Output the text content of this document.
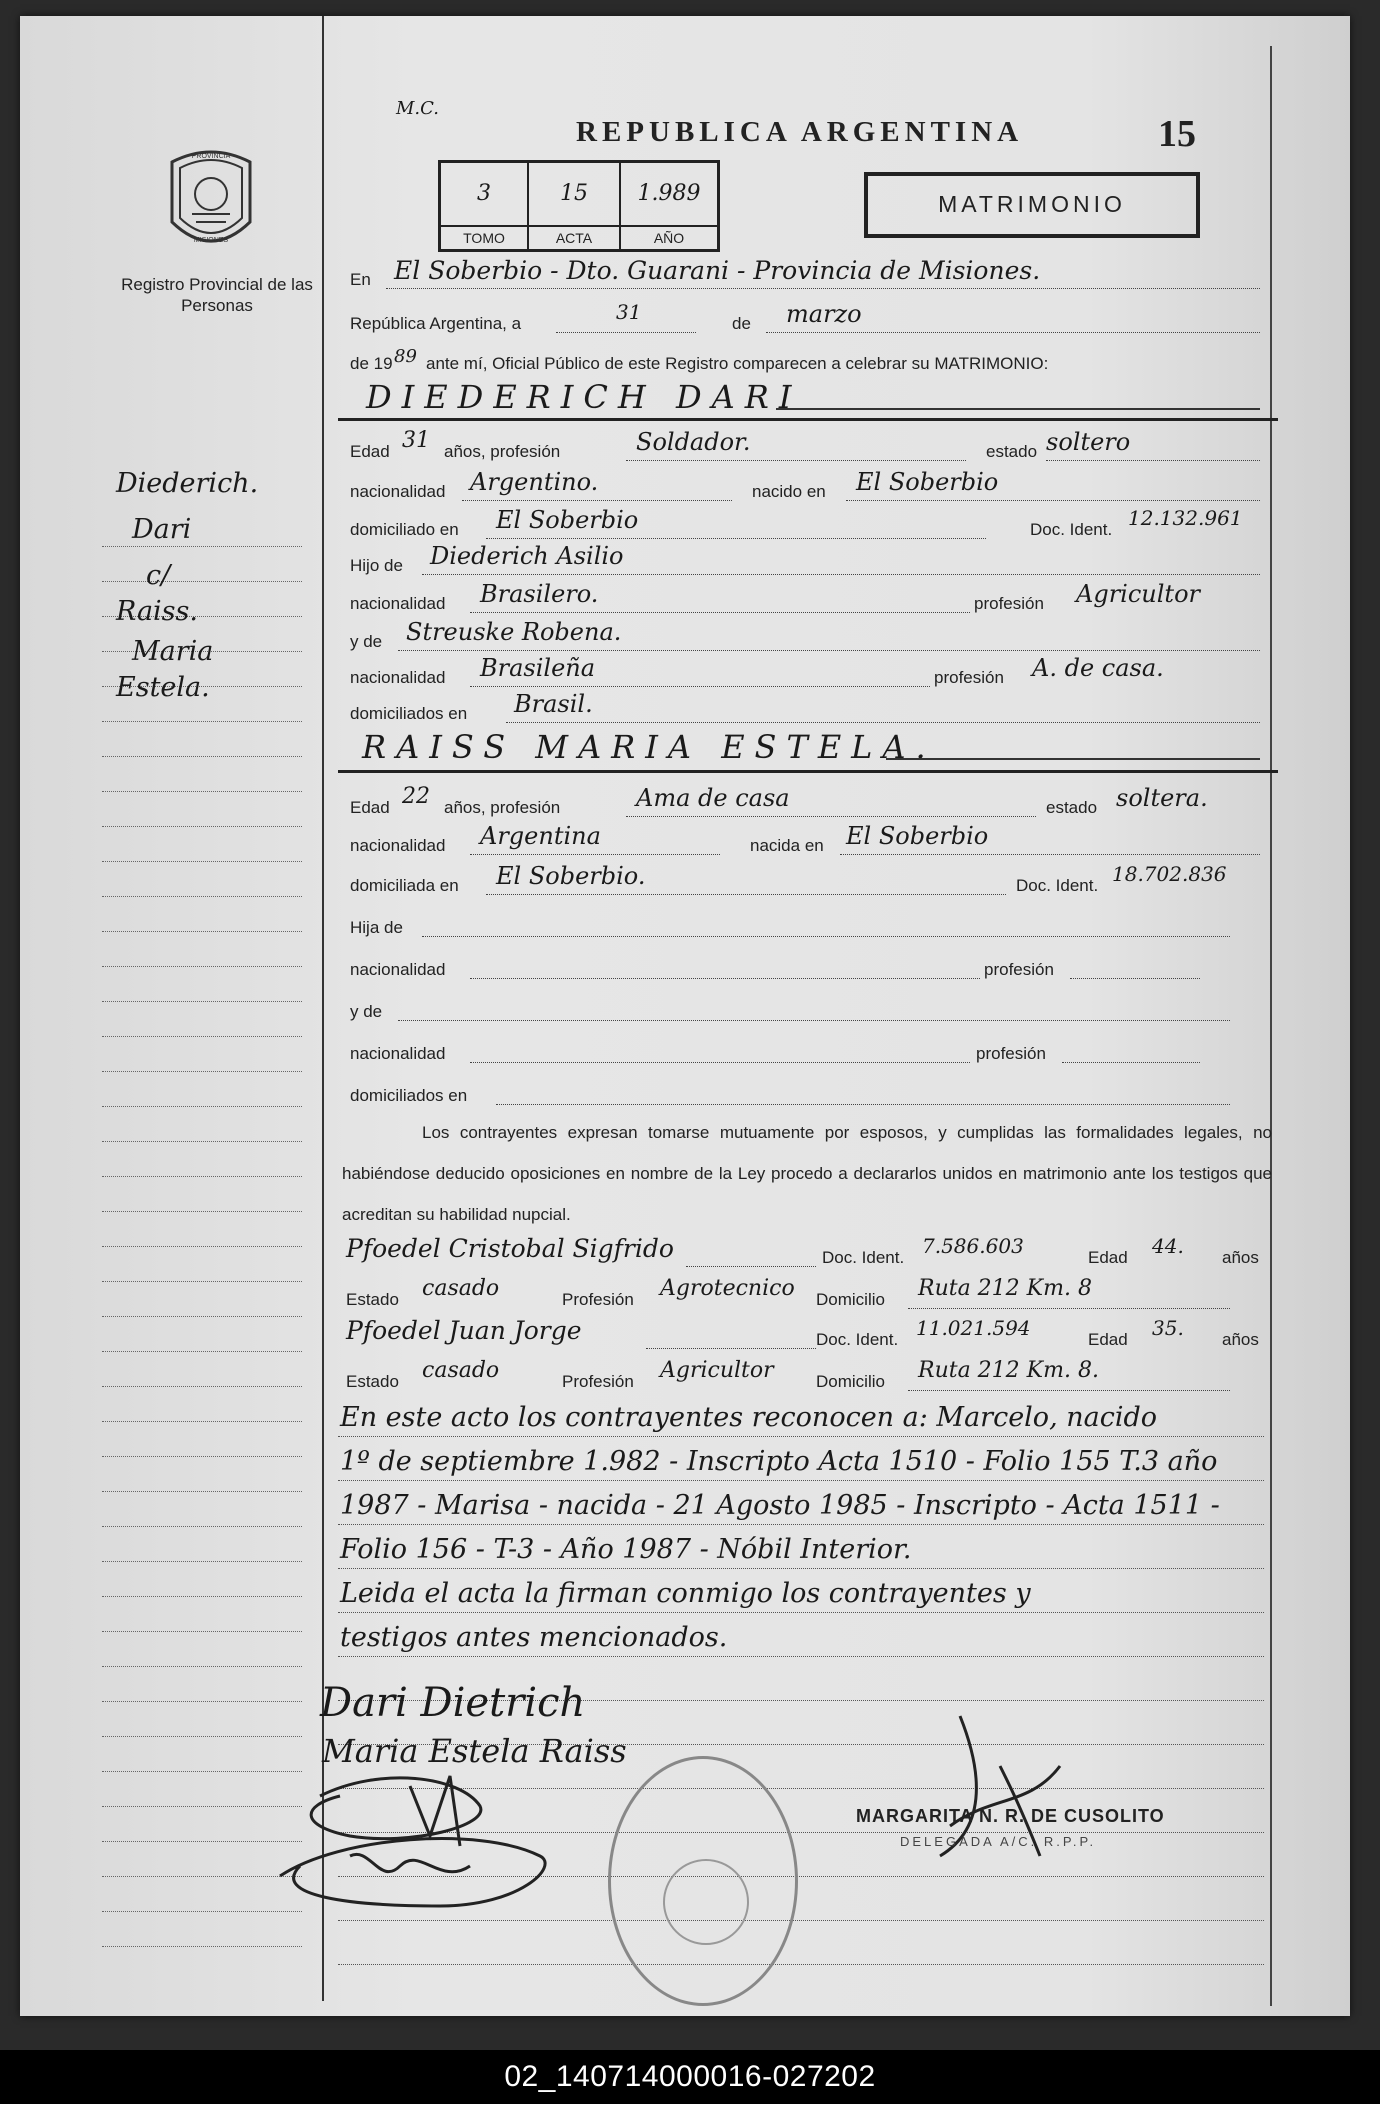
PROVINCIA
MISIONES
Registro Provincial de las Personas
Diederich.
Dari
c/
Raiss.
Maria
Estela.
M.C.
REPUBLICA ARGENTINA	15
3
TOMO
15
ACTA
1.989
AÑO
MATRIMONIO
En El Soberbio - Dto. Guarani - Provincia de Misiones.
República Argentina, a	31	de marzo
de 19 89 ante mí, Oficial Público de este Registro comparecen a celebrar su MATRIMONIO:
DIEDERICH DARI
Edad 31 años, profesión	Soldador.	estado soltero
nacionalidad Argentino.	nacido en El Soberbio
domiciliado en El Soberbio	Doc. Ident. 12.132.961
Hijo de Diederich Asilio
nacionalidad Brasilero.	profesión Agricultor
y de Streuske Robena.
nacionalidad Brasileña	profesión A. de casa.
domiciliados en Brasil.
RAISS MARIA ESTELA.
Edad 22 años, profesión	Ama de casa	estado soltera.
nacionalidad Argentina	nacida en El Soberbio
domiciliada en El Soberbio.	Doc. Ident. 18.702.836
Hija de
nacionalidad	profesión
y de
nacionalidad	profesión
domiciliados en
Los contrayentes expresan tomarse mutuamente por esposos, y cumplidas las formalidades legales, no habiéndose deducido oposiciones en nombre de la Ley procedo a declararlos unidos en matrimonio ante los testigos que acreditan su habilidad nupcial.
Pfoedel Cristobal Sigfrido	Doc. Ident. 7.586.603	Edad 44. años
Estado casado	Profesión Agrotecnico Domicilio Ruta 212 Km. 8
Pfoedel Juan Jorge	Doc. Ident. 11.021.594	Edad 35. años
Estado casado	Profesión Agricultor Domicilio Ruta 212 Km. 8.
En este acto los contrayentes reconocen a: Marcelo, nacido
1º de septiembre 1.982 - Inscripto Acta 1510 - Folio 155 T.3 año
1987 - Marisa - nacida - 21 Agosto 1985 - Inscripto - Acta 1511 -
Folio 156 - T-3 - Año 1987 - Nóbil Interior.
Leida el acta la firman conmigo los contrayentes y
testigos antes mencionados.
Dari Dietrich
Maria Estela Raiss
MARGARITA N. R. DE CUSOLITO
DELEGADA A/C. R.P.P.
02_140714000016-027202
